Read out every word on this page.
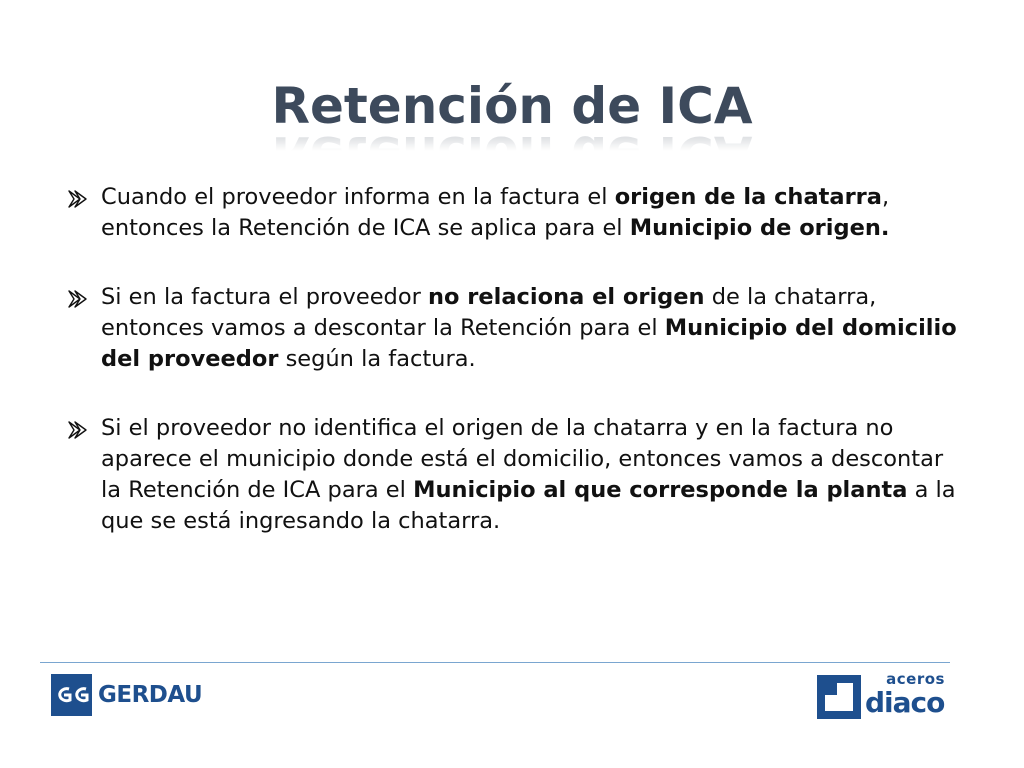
Retención de ICA
Cuando el proveedor informa en la factura el origen de la chatarra, entonces la Retención de ICA se aplica para el Municipio de origen.
Si en la factura el proveedor no relaciona el origen de la chatarra, entonces vamos a descontar la Retención para el Municipio del domicilio del proveedor según la factura.
Si el proveedor no identifica el origen de la chatarra y en la factura no aparece el municipio donde está el domicilio, entonces vamos a descontar la Retención de ICA para el Municipio al que corresponde la planta a la que se está ingresando la chatarra.
GERDAU
aceros
diaco
